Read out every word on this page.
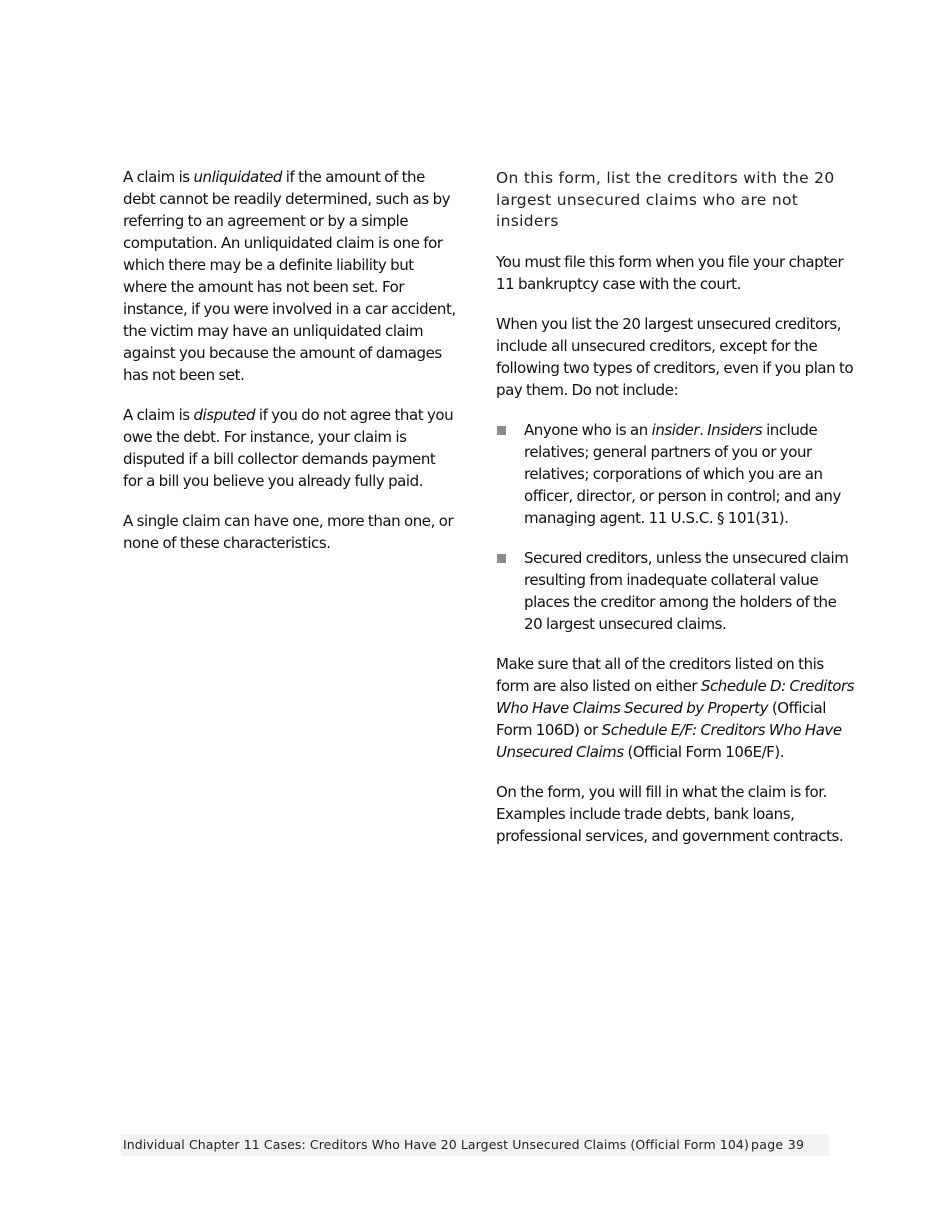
A claim is unliquidated if the amount of the debt cannot be readily determined, such as by referring to an agreement or by a simple computation. An unliquidated claim is one for which there may be a definite liability but where the amount has not been set. For instance, if you were involved in a car accident, the victim may have an unliquidated claim against you because the amount of damages has not been set.

A claim is disputed if you do not agree that you owe the debt. For instance, your claim is disputed if a bill collector demands payment for a bill you believe you already fully paid.

A single claim can have one, more than one, or none of these characteristics.

On this form, list the creditors with the 20 largest unsecured claims who are not insiders

You must file this form when you file your chapter 11 bankruptcy case with the court.

When you list the 20 largest unsecured creditors, include all unsecured creditors, except for the following two types of creditors, even if you plan to pay them. Do not include:

Anyone who is an insider. Insiders include relatives; general partners of you or your relatives; corporations of which you are an officer, director, or person in control; and any managing agent. 11 U.S.C. § 101(31).
Secured creditors, unless the unsecured claim resulting from inadequate collateral value places the creditor among the holders of the 20 largest unsecured claims.

Make sure that all of the creditors listed on this form are also listed on either Schedule D: Creditors Who Have Claims Secured by Property (Official Form 106D) or Schedule E/F: Creditors Who Have Unsecured Claims (Official Form 106E/F).

On the form, you will fill in what the claim is for. Examples include trade debts, bank loans, professional services, and government contracts.

Individual Chapter 11 Cases: Creditors Who Have 20 Largest Unsecured Claims (Official Form 104) page 39
